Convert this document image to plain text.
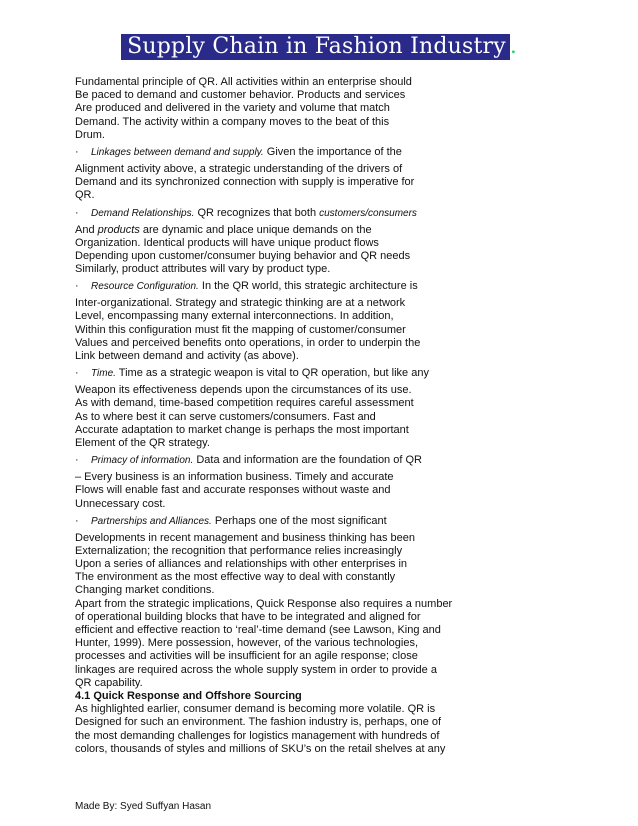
Supply Chain in Fashion Industry .
Fundamental principle of QR. All activities within an enterprise should
Be paced to demand and customer behavior. Products and services
Are produced and delivered in the variety and volume that match
Demand. The activity within a company moves to the beat of this
Drum.
· Linkages between demand and supply. Given the importance of the
Alignment activity above, a strategic understanding of the drivers of
Demand and its synchronized connection with supply is imperative for
QR.
· Demand Relationships. QR recognizes that both customers/consumers
And products are dynamic and place unique demands on the
Organization. Identical products will have unique product flows
Depending upon customer/consumer buying behavior and QR needs
Similarly, product attributes will vary by product type.
· Resource Configuration. In the QR world, this strategic architecture is
Inter-organizational. Strategy and strategic thinking are at a network
Level, encompassing many external interconnections. In addition,
Within this configuration must fit the mapping of customer/consumer
Values and perceived benefits onto operations, in order to underpin the
Link between demand and activity (as above).
· Time. Time as a strategic weapon is vital to QR operation, but like any
Weapon its effectiveness depends upon the circumstances of its use.
As with demand, time-based competition requires careful assessment
As to where best it can serve customers/consumers. Fast and
Accurate adaptation to market change is perhaps the most important
Element of the QR strategy.
· Primacy of information. Data and information are the foundation of QR
– Every business is an information business. Timely and accurate
Flows will enable fast and accurate responses without waste and
Unnecessary cost.
· Partnerships and Alliances. Perhaps one of the most significant
Developments in recent management and business thinking has been
Externalization; the recognition that performance relies increasingly
Upon a series of alliances and relationships with other enterprises in
The environment as the most effective way to deal with constantly
Changing market conditions.
Apart from the strategic implications, Quick Response also requires a number
of operational building blocks that have to be integrated and aligned for
efficient and effective reaction to ‘real’-time demand (see Lawson, King and
Hunter, 1999). Mere possession, however, of the various technologies,
processes and activities will be insufficient for an agile response; close
linkages are required across the whole supply system in order to provide a
QR capability.
4.1 Quick Response and Offshore Sourcing
As highlighted earlier, consumer demand is becoming more volatile. QR is
Designed for such an environment. The fashion industry is, perhaps, one of
the most demanding challenges for logistics management with hundreds of
colors, thousands of styles and millions of SKU’s on the retail shelves at any
Made By: Syed Suffyan Hasan
